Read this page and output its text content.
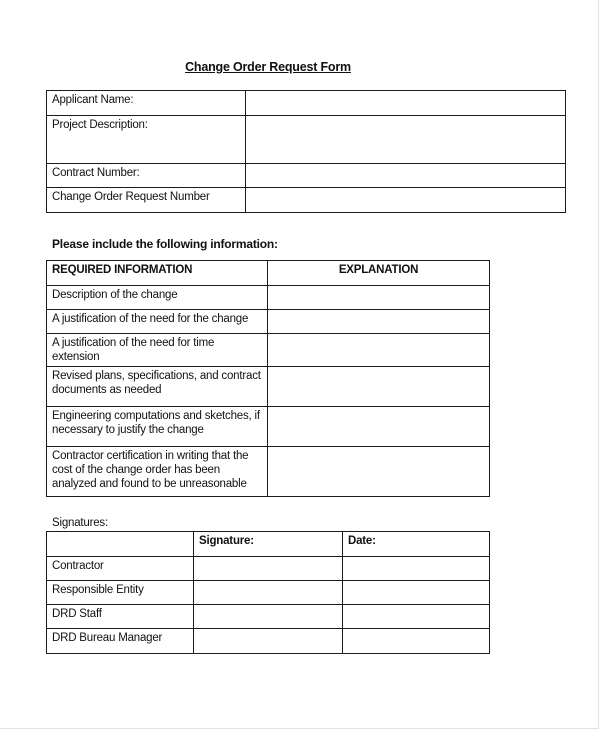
Change Order Request Form
Applicant Name:	
Project Description:	
Contract Number:	
Change Order Request Number	
Please include the following information:
REQUIRED INFORMATION	EXPLANATION
Description of the change	
A justification of the need for the change	
A justification of the need for time extension	
Revised plans, specifications, and contract documents as needed	
Engineering computations and sketches, if necessary to justify the change	
Contractor certification in writing that the cost of the change order has been analyzed and found to be unreasonable	
Signatures:
	Signature:	Date:
Contractor		
Responsible Entity		
DRD Staff		
DRD Bureau Manager		
